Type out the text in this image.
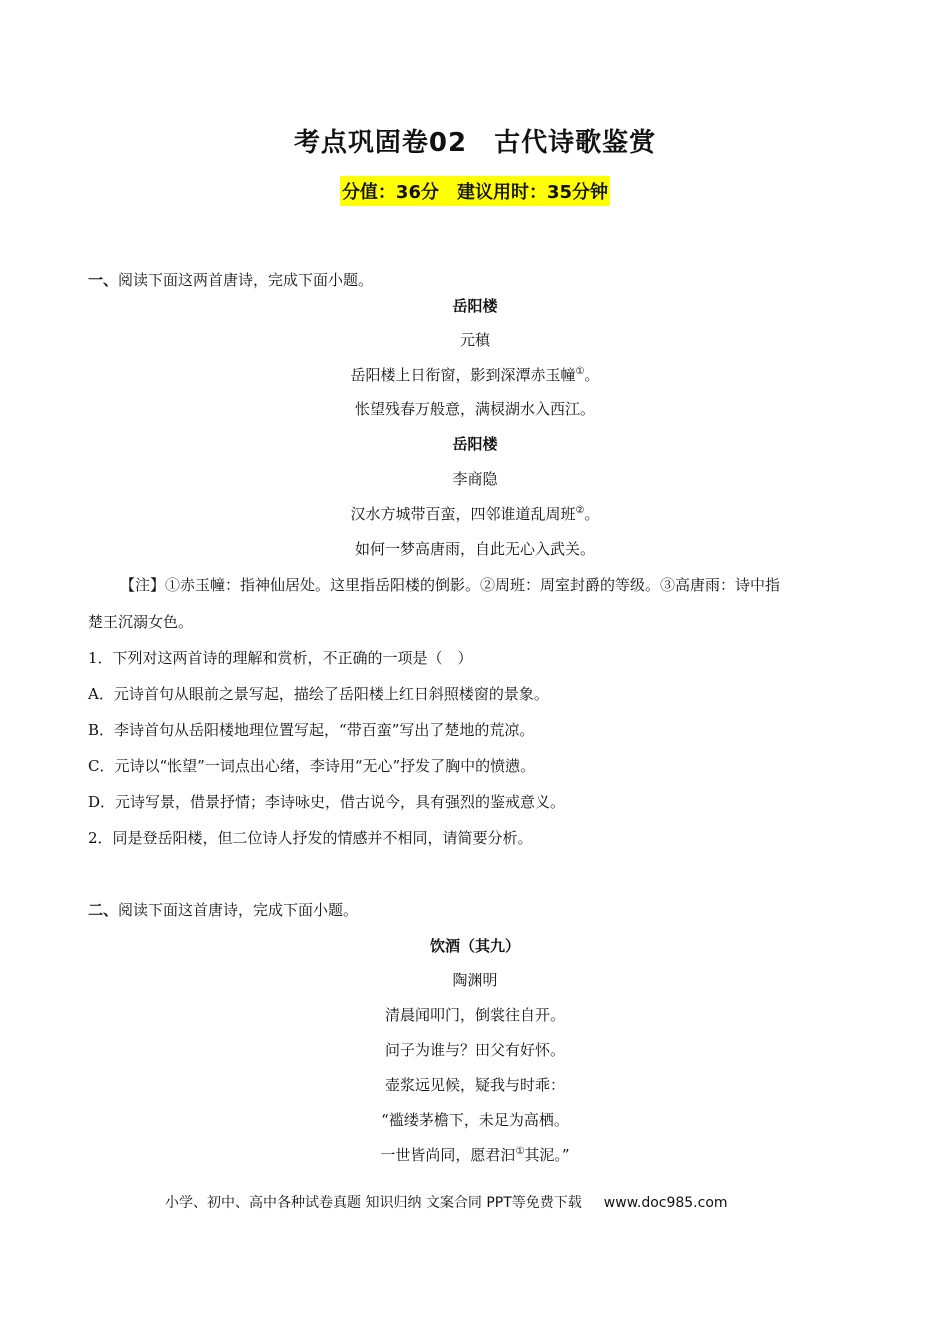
考点巩固卷02　古代诗歌鉴赏
分值：36分　建议用时：35分钟
一、阅读下面这两首唐诗，完成下面小题。
岳阳楼
元稹
岳阳楼上日衔窗，影到深潭赤玉幢①。
怅望残春万般意，满棂湖水入西江。
岳阳楼
李商隐
汉水方城带百蛮，四邻谁道乱周班②。
如何一梦高唐雨，自此无心入武关。
【注】①赤玉幢：指神仙居处。这里指岳阳楼的倒影。②周班：周室封爵的等级。③高唐雨：诗中指
楚王沉溺女色。
1．下列对这两首诗的理解和赏析，不正确的一项是（　）
A．元诗首句从眼前之景写起，描绘了岳阳楼上红日斜照楼窗的景象。
B．李诗首句从岳阳楼地理位置写起，“带百蛮”写出了楚地的荒凉。
C．元诗以“怅望”一词点出心绪，李诗用“无心”抒发了胸中的愤懑。
D．元诗写景，借景抒情；李诗咏史，借古说今，具有强烈的鉴戒意义。
2．同是登岳阳楼，但二位诗人抒发的情感并不相同，请简要分析。
二、阅读下面这首唐诗，完成下面小题。
饮酒（其九）
陶渊明
清晨闻叩门，倒裳往自开。
问子为谁与？田父有好怀。
壶浆远见候，疑我与时乖：
“褴缕茅檐下，未足为高栖。
一世皆尚同，愿君汩①其泥。”
小学、初中、高中各种试卷真题 知识归纳 文案合同 PPT等免费下载 www.doc985.com
